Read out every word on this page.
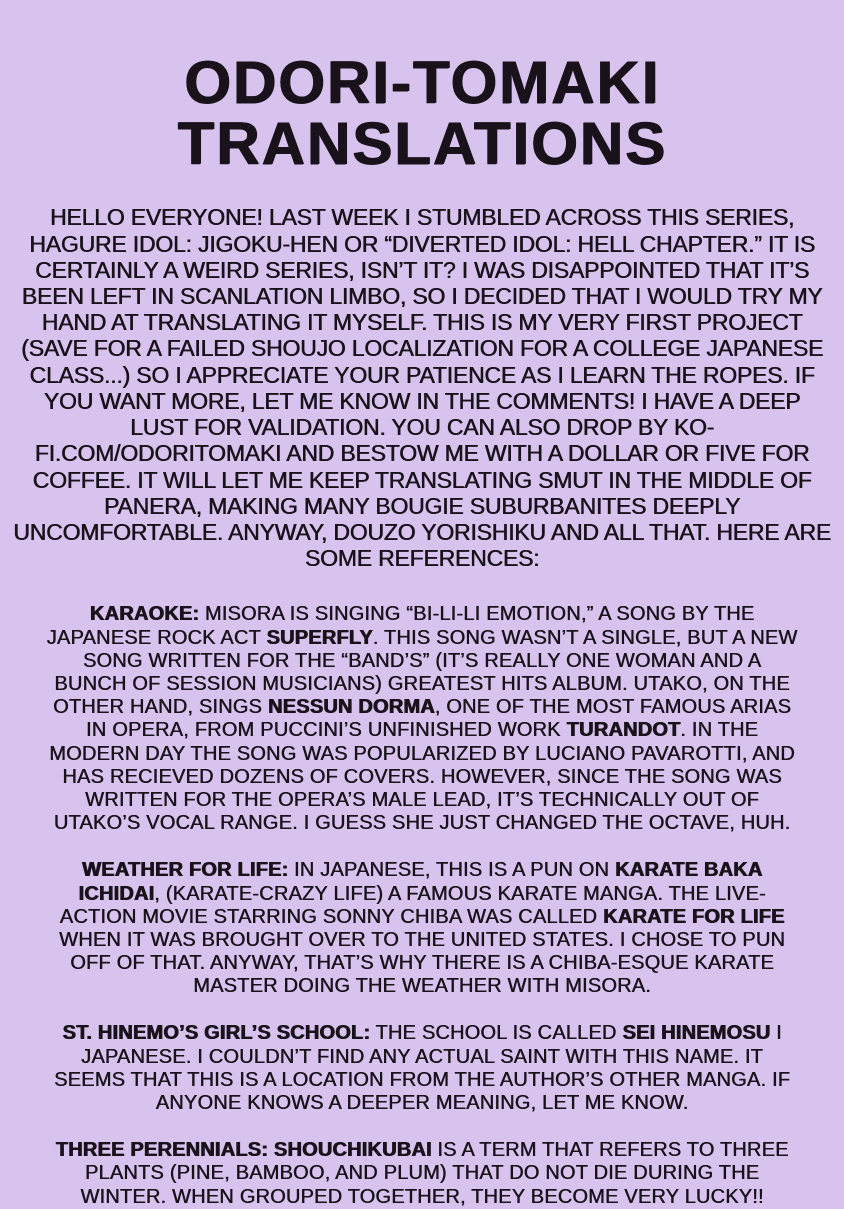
ODORI-TOMAKI
TRANSLATIONS

HELLO EVERYONE! LAST WEEK I STUMBLED ACROSS THIS SERIES, HAGURE IDOL: JIGOKU-HEN OR “DIVERTED IDOL: HELL CHAPTER.” IT IS CERTAINLY A WEIRD SERIES, ISN’T IT? I WAS DISAPPOINTED THAT IT’S BEEN LEFT IN SCANLATION LIMBO, SO I DECIDED THAT I WOULD TRY MY HAND AT TRANSLATING IT MYSELF. THIS IS MY VERY FIRST PROJECT (SAVE FOR A FAILED SHOUJO LOCALIZATION FOR A COLLEGE JAPANESE CLASS...) SO I APPRECIATE YOUR PATIENCE AS I LEARN THE ROPES. IF YOU WANT MORE, LET ME KNOW IN THE COMMENTS! I HAVE A DEEP LUST FOR VALIDATION. YOU CAN ALSO DROP BY KO-FI.COM/ODORITOMAKI AND BESTOW ME WITH A DOLLAR OR FIVE FOR COFFEE. IT WILL LET ME KEEP TRANSLATING SMUT IN THE MIDDLE OF PANERA, MAKING MANY BOUGIE SUBURBANITES DEEPLY UNCOMFORTABLE. ANYWAY, DOUZO YORISHIKU AND ALL THAT. HERE ARE SOME REFERENCES:

KARAOKE: MISORA IS SINGING “BI-LI-LI EMOTION,” A SONG BY THE JAPANESE ROCK ACT SUPERFLY. THIS SONG WASN’T A SINGLE, BUT A NEW SONG WRITTEN FOR THE “BAND’S” (IT’S REALLY ONE WOMAN AND A BUNCH OF SESSION MUSICIANS) GREATEST HITS ALBUM. UTAKO, ON THE OTHER HAND, SINGS NESSUN DORMA, ONE OF THE MOST FAMOUS ARIAS IN OPERA, FROM PUCCINI’S UNFINISHED WORK TURANDOT. IN THE MODERN DAY THE SONG WAS POPULARIZED BY LUCIANO PAVAROTTI, AND HAS RECIEVED DOZENS OF COVERS. HOWEVER, SINCE THE SONG WAS WRITTEN FOR THE OPERA’S MALE LEAD, IT’S TECHNICALLY OUT OF UTAKO’S VOCAL RANGE. I GUESS SHE JUST CHANGED THE OCTAVE, HUH.

WEATHER FOR LIFE: IN JAPANESE, THIS IS A PUN ON KARATE BAKA ICHIDAI, (KARATE-CRAZY LIFE) A FAMOUS KARATE MANGA. THE LIVE-ACTION MOVIE STARRING SONNY CHIBA WAS CALLED KARATE FOR LIFE WHEN IT WAS BROUGHT OVER TO THE UNITED STATES. I CHOSE TO PUN OFF OF THAT. ANYWAY, THAT’S WHY THERE IS A CHIBA-ESQUE KARATE MASTER DOING THE WEATHER WITH MISORA.

ST. HINEMO’S GIRL’S SCHOOL: THE SCHOOL IS CALLED SEI HINEMOSU I JAPANESE. I COULDN’T FIND ANY ACTUAL SAINT WITH THIS NAME. IT SEEMS THAT THIS IS A LOCATION FROM THE AUTHOR’S OTHER MANGA. IF ANYONE KNOWS A DEEPER MEANING, LET ME KNOW.

THREE PERENNIALS: SHOUCHIKUBAI IS A TERM THAT REFERS TO THREE PLANTS (PINE, BAMBOO, AND PLUM) THAT DO NOT DIE DURING THE WINTER. WHEN GROUPED TOGETHER, THEY BECOME VERY LUCKY!!
